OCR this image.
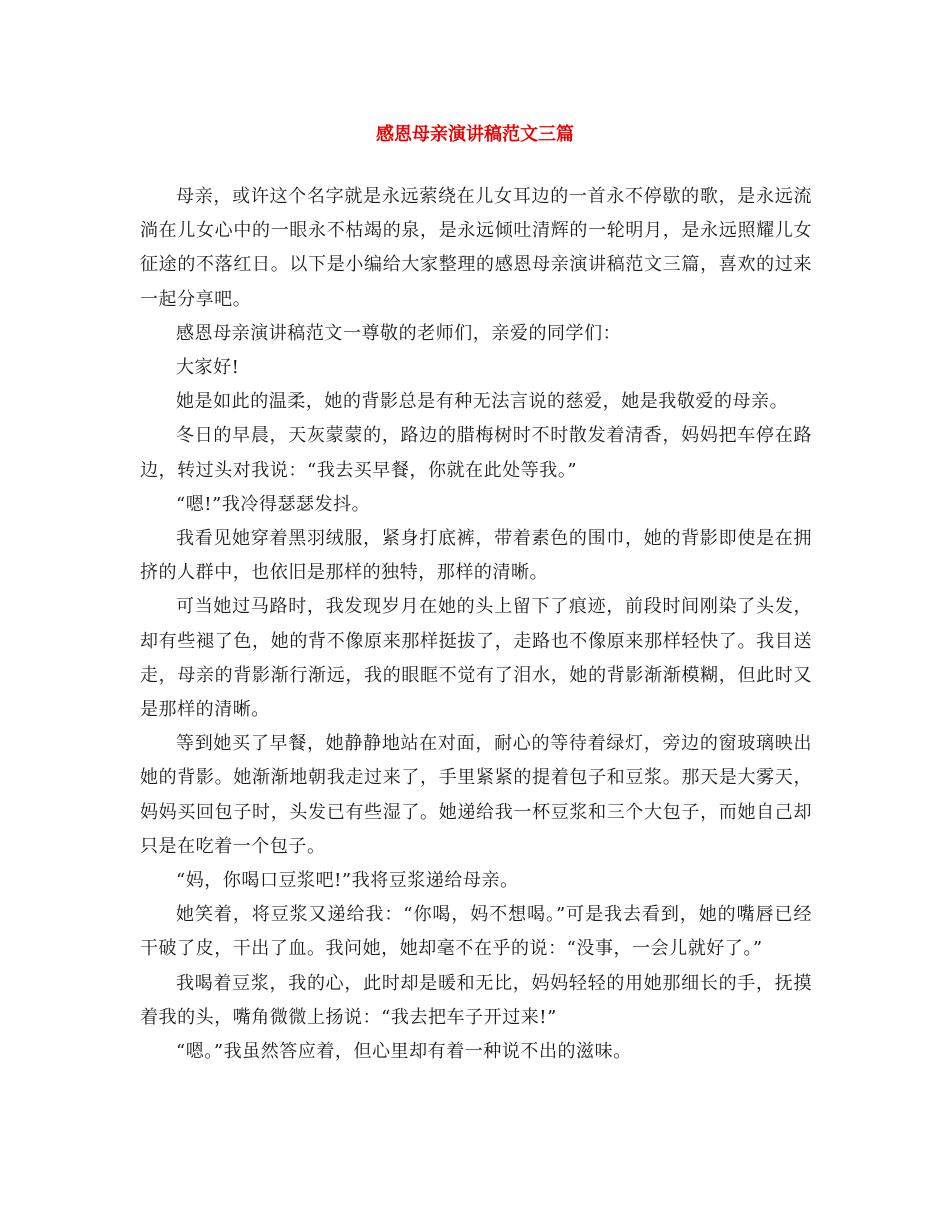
感恩母亲演讲稿范文三篇

母亲，或许这个名字就是永远萦绕在儿女耳边的一首永不停歇的歌，是永远流淌在儿女心中的一眼永不枯竭的泉，是永远倾吐清辉的一轮明月，是永远照耀儿女征途的不落红日。以下是小编给大家整理的感恩母亲演讲稿范文三篇，喜欢的过来一起分享吧。

感恩母亲演讲稿范文一尊敬的老师们，亲爱的同学们：

大家好!

她是如此的温柔，她的背影总是有种无法言说的慈爱，她是我敬爱的母亲。

冬日的早晨，天灰蒙蒙的，路边的腊梅树时不时散发着清香，妈妈把车停在路边，转过头对我说：“我去买早餐，你就在此处等我。”

“嗯!”我冷得瑟瑟发抖。

我看见她穿着黑羽绒服，紧身打底裤，带着素色的围巾，她的背影即使是在拥挤的人群中，也依旧是那样的独特，那样的清晰。

可当她过马路时，我发现岁月在她的头上留下了痕迹，前段时间刚染了头发，却有些褪了色，她的背不像原来那样挺拔了，走路也不像原来那样轻快了。我目送走，母亲的背影渐行渐远，我的眼眶不觉有了泪水，她的背影渐渐模糊，但此时又是那样的清晰。

等到她买了早餐，她静静地站在对面，耐心的等待着绿灯，旁边的窗玻璃映出她的背影。她渐渐地朝我走过来了，手里紧紧的提着包子和豆浆。那天是大雾天，妈妈买回包子时，头发已有些湿了。她递给我一杯豆浆和三个大包子，而她自己却只是在吃着一个包子。

“妈，你喝口豆浆吧!”我将豆浆递给母亲。

她笑着，将豆浆又递给我：“你喝，妈不想喝。”可是我去看到，她的嘴唇已经干破了皮，干出了血。我问她，她却毫不在乎的说：“没事，一会儿就好了。”

我喝着豆浆，我的心，此时却是暖和无比，妈妈轻轻的用她那细长的手，抚摸着我的头，嘴角微微上扬说：“我去把车子开过来!”

“嗯。”我虽然答应着，但心里却有着一种说不出的滋味。
